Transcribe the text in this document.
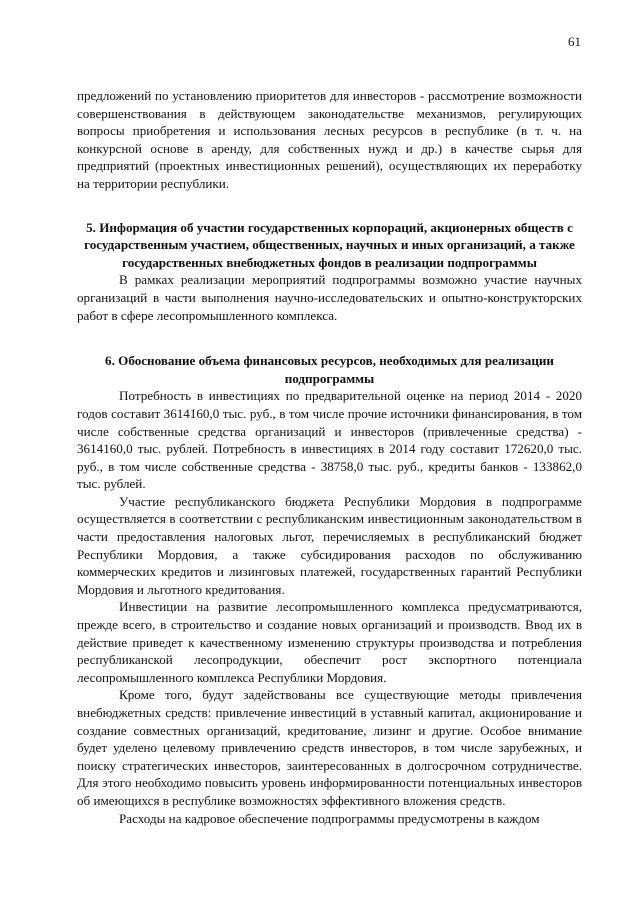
61

предложений по установлению приоритетов для инвесторов - рассмотрение возможности совершенствования в действующем законодательстве механизмов, регулирующих вопросы приобретения и использования лесных ресурсов в республике (в т. ч. на конкурсной основе в аренду, для собственных нужд и др.) в качестве сырья для предприятий (проектных инвестиционных решений), осуществляющих их переработку на территории республики.

5. Информация об участии государственных корпораций, акционерных обществ с государственным участием, общественных, научных и иных организаций, а также государственных внебюджетных фондов в реализации подпрограммы

В рамках реализации мероприятий подпрограммы возможно участие научных организаций в части выполнения научно-исследовательских и опытно-конструкторских работ в сфере лесопромышленного комплекса.

6. Обоснование объема финансовых ресурсов, необходимых для реализации подпрограммы

Потребность в инвестициях по предварительной оценке на период 2014 - 2020 годов составит 3614160,0 тыс. руб., в том числе прочие источники финансирования, в том числе собственные средства организаций и инвесторов (привлеченные средства) - 3614160,0 тыс. рублей. Потребность в инвестициях в 2014 году составит 172620,0 тыс. руб., в том числе собственные средства - 38758,0 тыс. руб., кредиты банков - 133862,0 тыс. рублей.

Участие республиканского бюджета Республики Мордовия в подпрограмме осуществляется в соответствии с республиканским инвестиционным законодательством в части предоставления налоговых льгот, перечисляемых в республиканский бюджет Республики Мордовия, а также субсидирования расходов по обслуживанию коммерческих кредитов и лизинговых платежей, государственных гарантий Республики Мордовия и льготного кредитования.

Инвестиции на развитие лесопромышленного комплекса предусматриваются, прежде всего, в строительство и создание новых организаций и производств. Ввод их в действие приведет к качественному изменению структуры производства и потребления республиканской лесопродукции, обеспечит рост экспортного потенциала лесопромышленного комплекса Республики Мордовия.

Кроме того, будут задействованы все существующие методы привлечения внебюджетных средств: привлечение инвестиций в уставный капитал, акционирование и создание совместных организаций, кредитование, лизинг и другие. Особое внимание будет уделено целевому привлечению средств инвесторов, в том числе зарубежных, и поиску стратегических инвесторов, заинтересованных в долгосрочном сотрудничестве. Для этого необходимо повысить уровень информированности потенциальных инвесторов об имеющихся в республике возможностях эффективного вложения средств.

Расходы на кадровое обеспечение подпрограммы предусмотрены в каждом
